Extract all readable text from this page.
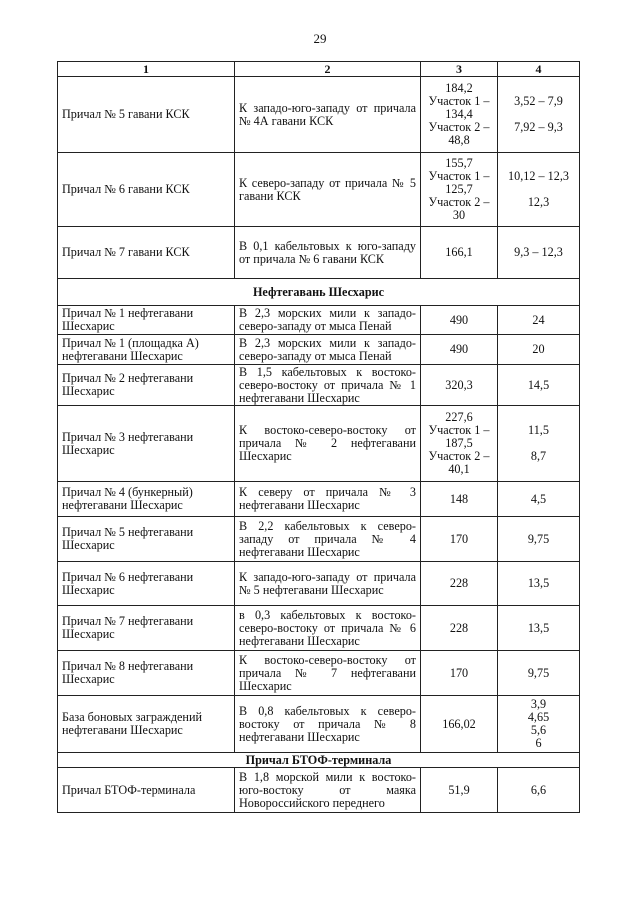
29
1	2	3	4
Причал № 5 гавани КСК	К западо-юго-западу от причала № 4А гавани КСК	184,2
Участок 1 –
134,4
Участок 2 –
48,8	3,52 – 7,9
7,92 – 9,3

Причал № 6 гавани КСК	К северо-западу от причала № 5 гавани КСК	155,7
Участок 1 –
125,7
Участок 2 –
30	10,12 – 12,3
12,3

Причал № 7 гавани КСК	В 0,1 кабельтовых к юго-западу от причала № 6 гавани КСК	166,1	9,3 – 12,3

Нефтегавань Шесхарис			
Причал № 1 нефтегавани Шесхарис	В 2,3 морских мили к западо-северо-западу от мыса Пенай	490	24

Причал № 1 (площадка А) нефтегавани Шесхарис	В 2,3 морских мили к западо-северо-западу от мыса Пенай	490	20

Причал № 2 нефтегавани Шесхарис	В 1,5 кабельтовых к востоко-северо-востоку от причала № 1 нефтегавани Шесхарис	320,3	14,5

Причал № 3 нефтегавани Шесхарис	К востоко-северо-востоку от причала № 2 нефтегавани Шесхарис	227,6
Участок 1 –
187,5
Участок 2 –
40,1	11,5
8,7

Причал № 4 (бункерный) нефтегавани Шесхарис	К северу от причала № 3 нефтегавани Шесхарис	148	4,5

Причал № 5 нефтегавани Шесхарис	В 2,2 кабельтовых к северо-западу от причала № 4 нефтегавани Шесхарис	170	9,75

Причал № 6 нефтегавани Шесхарис	К западо-юго-западу от причала № 5 нефтегавани Шесхарис	228	13,5

Причал № 7 нефтегавани Шесхарис	в 0,3 кабельтовых к востоко-северо-востоку от причала № 6 нефтегавани Шесхарис	228	13,5

Причал № 8 нефтегавани Шесхарис	К востоко-северо-востоку от причала № 7 нефтегавани Шесхарис	170	9,75

База боновых заграждений нефтегавани Шесхарис	В 0,8 кабельтовых к северо-востоку от причала № 8 нефтегавани Шесхарис	166,02	3,9
4,65
5,6
6

Причал БТОФ-терминала			
Причал БТОФ-терминала	В 1,8 морской мили к востоко-юго-востоку от маяка Новороссийского переднего	51,9	6,6
